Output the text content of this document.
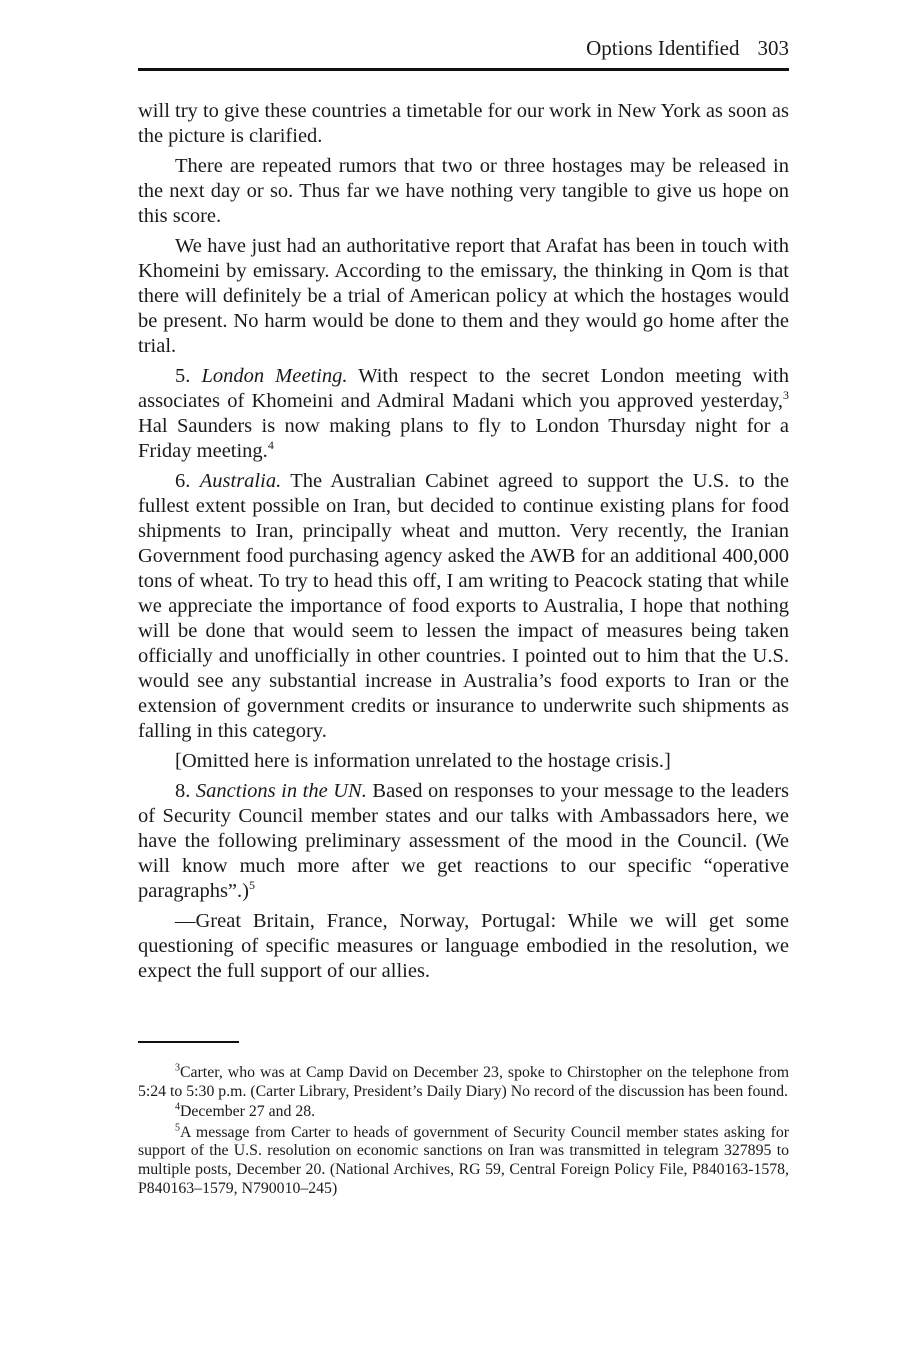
Options Identified 303

will try to give these countries a timetable for our work in New York as soon as the picture is clarified.

There are repeated rumors that two or three hostages may be released in the next day or so. Thus far we have nothing very tangible to give us hope on this score.

We have just had an authoritative report that Arafat has been in touch with Khomeini by emissary. According to the emissary, the thinking in Qom is that there will definitely be a trial of American policy at which the hostages would be present. No harm would be done to them and they would go home after the trial.

5. London Meeting. With respect to the secret London meeting with associates of Khomeini and Admiral Madani which you approved yesterday,$^3$ Hal Saunders is now making plans to fly to London Thursday night for a Friday meeting.$^4$

6. Australia. The Australian Cabinet agreed to support the U.S. to the fullest extent possible on Iran, but decided to continue existing plans for food shipments to Iran, principally wheat and mutton. Very recently, the Iranian Government food purchasing agency asked the AWB for an additional 400,000 tons of wheat. To try to head this off, I am writing to Peacock stating that while we appreciate the importance of food exports to Australia, I hope that nothing will be done that would seem to lessen the impact of measures being taken officially and unofficially in other countries. I pointed out to him that the U.S. would see any substantial increase in Australia’s food exports to Iran or the extension of government credits or insurance to underwrite such shipments as falling in this category.

[Omitted here is information unrelated to the hostage crisis.]

8. Sanctions in the UN. Based on responses to your message to the leaders of Security Council member states and our talks with Ambassadors here, we have the following preliminary assessment of the mood in the Council. (We will know much more after we get reactions to our specific “operative paragraphs”.)$^5$

—Great Britain, France, Norway, Portugal: While we will get some questioning of specific measures or language embodied in the resolution, we expect the full support of our allies.

$^3$Carter, who was at Camp David on December 23, spoke to Chirstopher on the telephone from 5:24 to 5:30 p.m. (Carter Library, President’s Daily Diary) No record of the discussion has been found.

$^4$December 27 and 28.

$^5$A message from Carter to heads of government of Security Council member states asking for support of the U.S. resolution on economic sanctions on Iran was transmitted in telegram 327895 to multiple posts, December 20. (National Archives, RG 59, Central Foreign Policy File, P840163-1578, P840163–1579, N790010–245)
